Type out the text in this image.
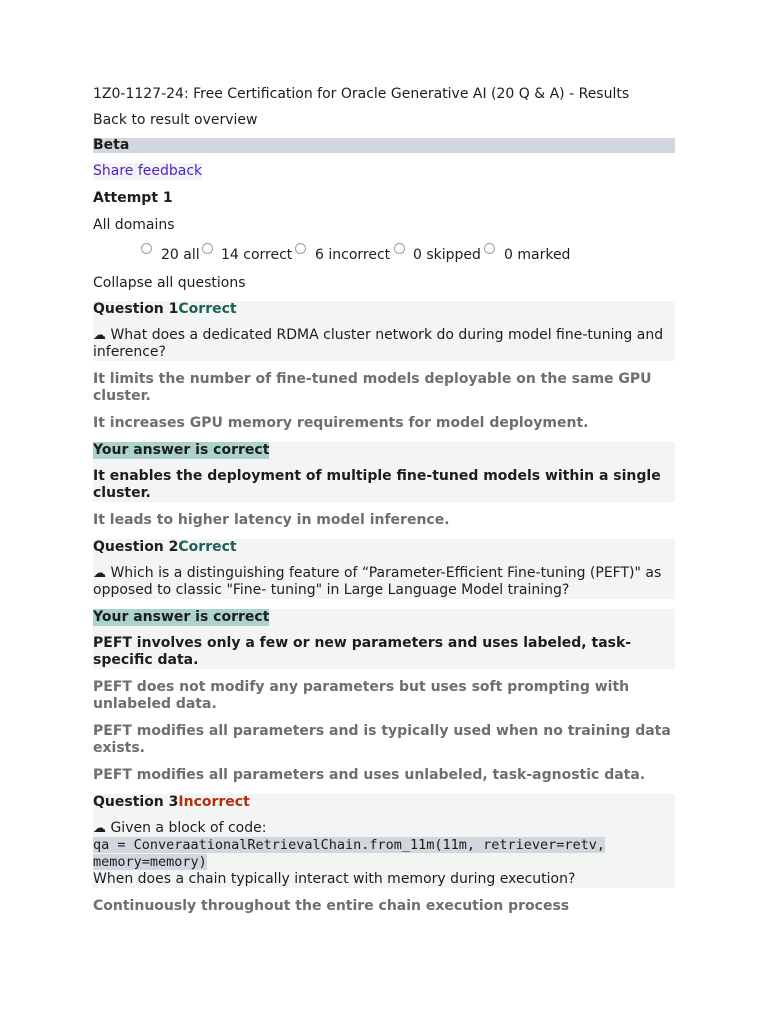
1Z0-1127-24: Free Certification for Oracle Generative AI (20 Q & A) - Results
Back to result overview
Beta
Share feedback
Attempt 1
All domains
20 all 14 correct 6 incorrect 0 skipped 0 marked
Collapse all questions
Question 1Correct
☁ What does a dedicated RDMA cluster network do during model fine-tuning and inference?
It limits the number of fine-tuned models deployable on the same GPU cluster.
It increases GPU memory requirements for model deployment.
Your answer is correct
It enables the deployment of multiple fine-tuned models within a single cluster.
It leads to higher latency in model inference.
Question 2Correct
☁ Which is a distinguishing feature of “Parameter-Efficient Fine-tuning (PEFT)" as opposed to classic "Fine- tuning" in Large Language Model training?
Your answer is correct
PEFT involves only a few or new parameters and uses labeled, task-specific data.
PEFT does not modify any parameters but uses soft prompting with unlabeled data.
PEFT modifies all parameters and is typically used when no training data exists.
PEFT modifies all parameters and uses unlabeled, task-agnostic data.
Question 3Incorrect
☁ Given a block of code:
qa = ConveraationalRetrievalChain.from_11m(11m, retriever=retv, memory=memory)
When does a chain typically interact with memory during execution?
Continuously throughout the entire chain execution process
